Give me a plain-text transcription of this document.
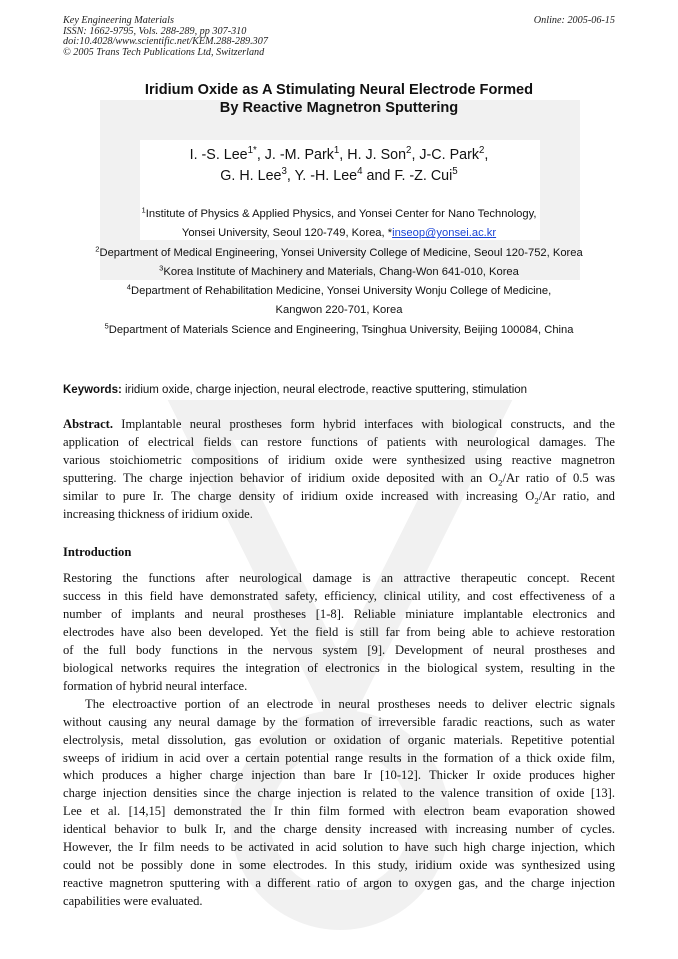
Key Engineering Materials	Online: 2005-06-15
ISSN: 1662-9795, Vols. 288-289, pp 307-310
doi:10.4028/www.scientific.net/KEM.288-289.307
© 2005 Trans Tech Publications Ltd, Switzerland
Iridium Oxide as A Stimulating Neural Electrode Formed
By Reactive Magnetron Sputtering
I. -S. Lee$^{1*}$, J. -M. Park$^1$, H. J. Son$^2$, J-C. Park$^2$,
G. H. Lee$^3$, Y. -H. Lee$^4$ and F. -Z. Cui$^5$
$^1$Institute of Physics & Applied Physics, and Yonsei Center for Nano Technology,
Yonsei University, Seoul 120-749, Korea, *inseop@yonsei.ac.kr
$^2$Department of Medical Engineering, Yonsei University College of Medicine, Seoul 120-752, Korea
$^3$Korea Institute of Machinery and Materials, Chang-Won 641-010, Korea
$^4$Department of Rehabilitation Medicine, Yonsei University Wonju College of Medicine,
Kangwon 220-701, Korea
$^5$Department of Materials Science and Engineering, Tsinghua University, Beijing 100084, China
Keywords: iridium oxide, charge injection, neural electrode, reactive sputtering, stimulation
Abstract. Implantable neural prostheses form hybrid interfaces with biological constructs, and the
application of electrical fields can restore functions of patients with neurological damages. The
various stoichiometric compositions of iridium oxide were synthesized using reactive magnetron
sputtering. The charge injection behavior of iridium oxide deposited with an $O_2/Ar$ ratio of 0.5 was
similar to pure Ir. The charge density of iridium oxide increased with increasing $O_2/Ar$ ratio, and
increasing thickness of iridium oxide.
Introduction
Restoring the functions after neurological damage is an attractive therapeutic concept. Recent
success in this field have demonstrated safety, efficiency, clinical utility, and cost effectiveness of a
number of implants and neural prostheses [1-8]. Reliable miniature implantable electronics and
electrodes have also been developed. Yet the field is still far from being able to achieve restoration
of the full body functions in the nervous system [9]. Development of neural prostheses and
biological networks requires the integration of electronics in the biological system, resulting in the
formation of hybrid neural interface.
The electroactive portion of an electrode in neural prostheses needs to deliver electric signals
without causing any neural damage by the formation of irreversible faradic reactions, such as water
electrolysis, metal dissolution, gas evolution or oxidation of organic materials. Repetitive potential
sweeps of iridium in acid over a certain potential range results in the formation of a thick oxide film,
which produces a higher charge injection than bare Ir [10-12]. Thicker Ir oxide produces higher
charge injection densities since the charge injection is related to the valence transition of oxide [13].
Lee et al. [14,15] demonstrated the Ir thin film formed with electron beam evaporation showed
identical behavior to bulk Ir, and the charge density increased with increasing number of cycles.
However, the Ir film needs to be activated in acid solution to have such high charge injection, which
could not be possibly done in some electrodes. In this study, iridium oxide was synthesized using
reactive magnetron sputtering with a different ratio of argon to oxygen gas, and the charge injection
capabilities were evaluated.
